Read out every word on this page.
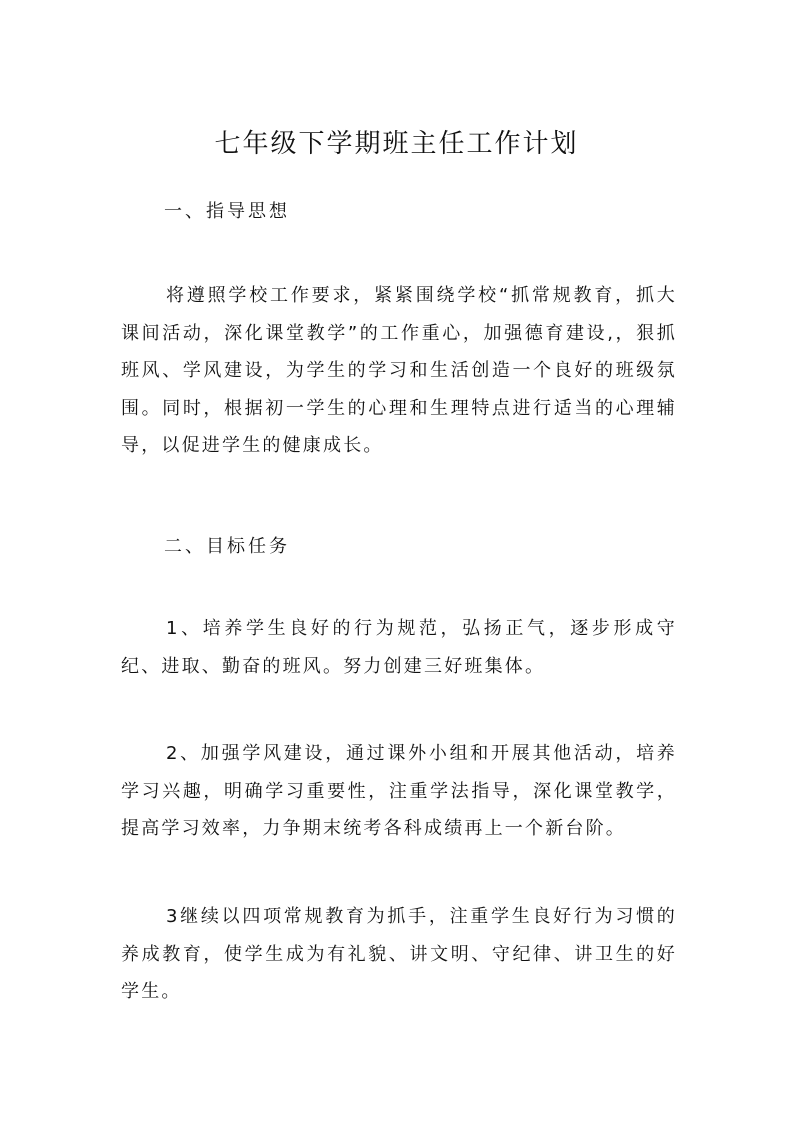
七年级下学期班主任工作计划
一、指导思想
将遵照学校工作要求，紧紧围绕学校“抓常规教育，抓大课间活动，深化课堂教学”的工作重心，加强德育建设,，狠抓班风、学风建设，为学生的学习和生活创造一个良好的班级氛围。同时，根据初一学生的心理和生理特点进行适当的心理辅导，以促进学生的健康成长。
二、目标任务
1、培养学生良好的行为规范，弘扬正气，逐步形成守纪、进取、勤奋的班风。努力创建三好班集体。
2、加强学风建设，通过课外小组和开展其他活动，培养学习兴趣，明确学习重要性，注重学法指导，深化课堂教学，提高学习效率，力争期末统考各科成绩再上一个新台阶。
3继续以四项常规教育为抓手，注重学生良好行为习惯的养成教育，使学生成为有礼貌、讲文明、守纪律、讲卫生的好学生。
